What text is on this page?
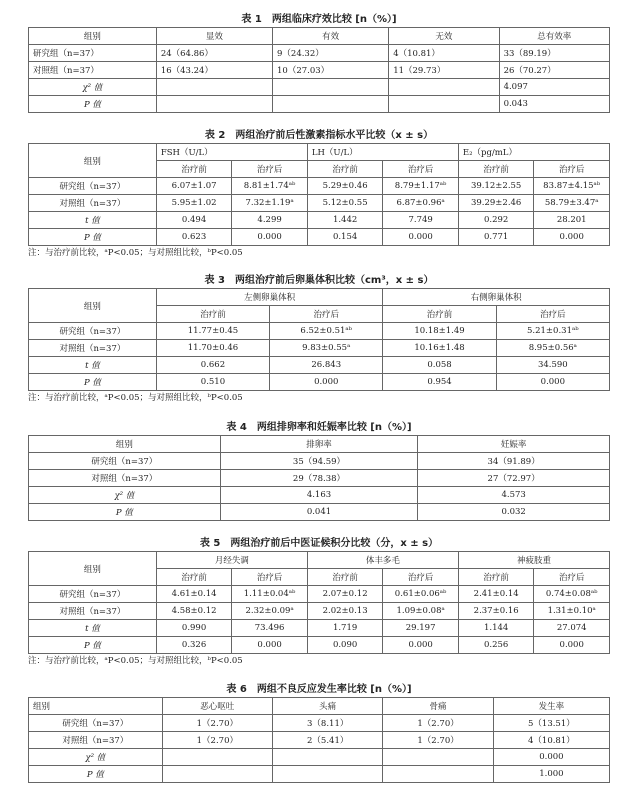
表 1　两组临床疗效比较 [n（%）]
组别	显效	有效	无效	总有效率
研究组（n=37）	24（64.86）	9（24.32）	4（10.81）	33（89.19）
对照组（n=37）	16（43.24）	10（27.03）	11（29.73）	26（70.27）
χ² 值				4.097
P 值				0.043
表 2　两组治疗前后性激素指标水平比较（x ± s）
组别	FSH（U/L）		LH（U/L）		E₂（pg/mL）	
	治疗前	治疗后	治疗前	治疗后	治疗前	治疗后
研究组（n=37）	6.07±1.07	8.81±1.74ᵃᵇ	5.29±0.46	8.79±1.17ᵃᵇ	39.12±2.55	83.87±4.15ᵃᵇ
对照组（n=37）	5.95±1.02	7.32±1.19ᵃ	5.12±0.55	6.87±0.96ᵃ	39.29±2.46	58.79±3.47ᵃ
t 值	0.494	4.299	1.442	7.749	0.292	28.201
P 值	0.623	0.000	0.154	0.000	0.771	0.000
注：与治疗前比较，ᵃP<0.05；与对照组比较，ᵇP<0.05
表 3　两组治疗前后卵巢体积比较（cm³，x ± s）
组别	左侧卵巢体积		右侧卵巢体积	
	治疗前	治疗后	治疗前	治疗后
研究组（n=37）	11.77±0.45	6.52±0.51ᵃᵇ	10.18±1.49	5.21±0.31ᵃᵇ
对照组（n=37）	11.70±0.46	9.83±0.55ᵃ	10.16±1.48	8.95±0.56ᵃ
t 值	0.662	26.843	0.058	34.590
P 值	0.510	0.000	0.954	0.000
注：与治疗前比较，ᵃP<0.05；与对照组比较，ᵇP<0.05
表 4　两组排卵率和妊娠率比较 [n（%）]
组别	排卵率	妊娠率
研究组（n=37）	35（94.59）	34（91.89）
对照组（n=37）	29（78.38）	27（72.97）
χ² 值	4.163	4.573
P 值	0.041	0.032
表 5　两组治疗前后中医证候积分比较（分，x ± s）
组别	月经失调		体丰多毛		神疲肢重	
	治疗前	治疗后	治疗前	治疗后	治疗前	治疗后
研究组（n=37）	4.61±0.14	1.11±0.04ᵃᵇ	2.07±0.12	0.61±0.06ᵃᵇ	2.41±0.14	0.74±0.08ᵃᵇ
对照组（n=37）	4.58±0.12	2.32±0.09ᵃ	2.02±0.13	1.09±0.08ᵃ	2.37±0.16	1.31±0.10ᵃ
t 值	0.990	73.496	1.719	29.197	1.144	27.074
P 值	0.326	0.000	0.090	0.000	0.256	0.000
注：与治疗前比较，ᵃP<0.05；与对照组比较，ᵇP<0.05
表 6　两组不良反应发生率比较 [n（%）]
组别	恶心呕吐	头痛	骨痛	发生率
研究组（n=37）	1（2.70）	3（8.11）	1（2.70）	5（13.51）
对照组（n=37）	1（2.70）	2（5.41）	1（2.70）	4（10.81）
χ² 值				0.000
P 值				1.000
